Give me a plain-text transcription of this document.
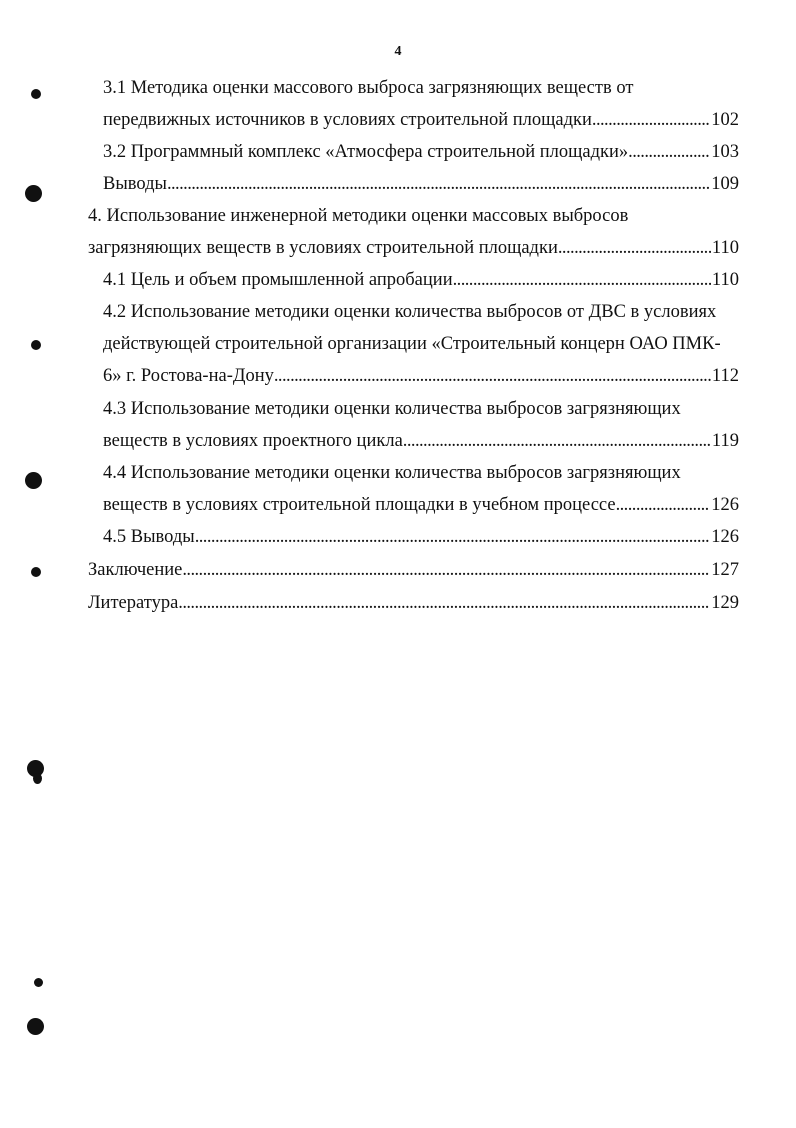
4
3.1 Методика оценки массового выброса загрязняющих веществ от
передвижных источников в условиях строительной площадки . . .	102
3.2 Программный комплекс «Атмосфера строительной площадки» . . .	103
Выводы . . .	109
4. Использование инженерной методики оценки массовых выбросов
загрязняющих веществ в условиях строительной площадки . . .	110
4.1 Цель и объем промышленной апробации . . .	110
4.2 Использование методики оценки количества выбросов от ДВС в условиях
действующей строительной организации «Строительный концерн ОАО ПМК-
6» г. Ростова-на-Дону . . .	112
4.3 Использование методики оценки количества выбросов загрязняющих
веществ в условиях проектного цикла . . .	119
4.4 Использование методики оценки количества выбросов загрязняющих
веществ в условиях строительной площадки в учебном процессе . . .	126
4.5 Выводы . . .	126
Заключение . . .	127
Литература . . .	129
